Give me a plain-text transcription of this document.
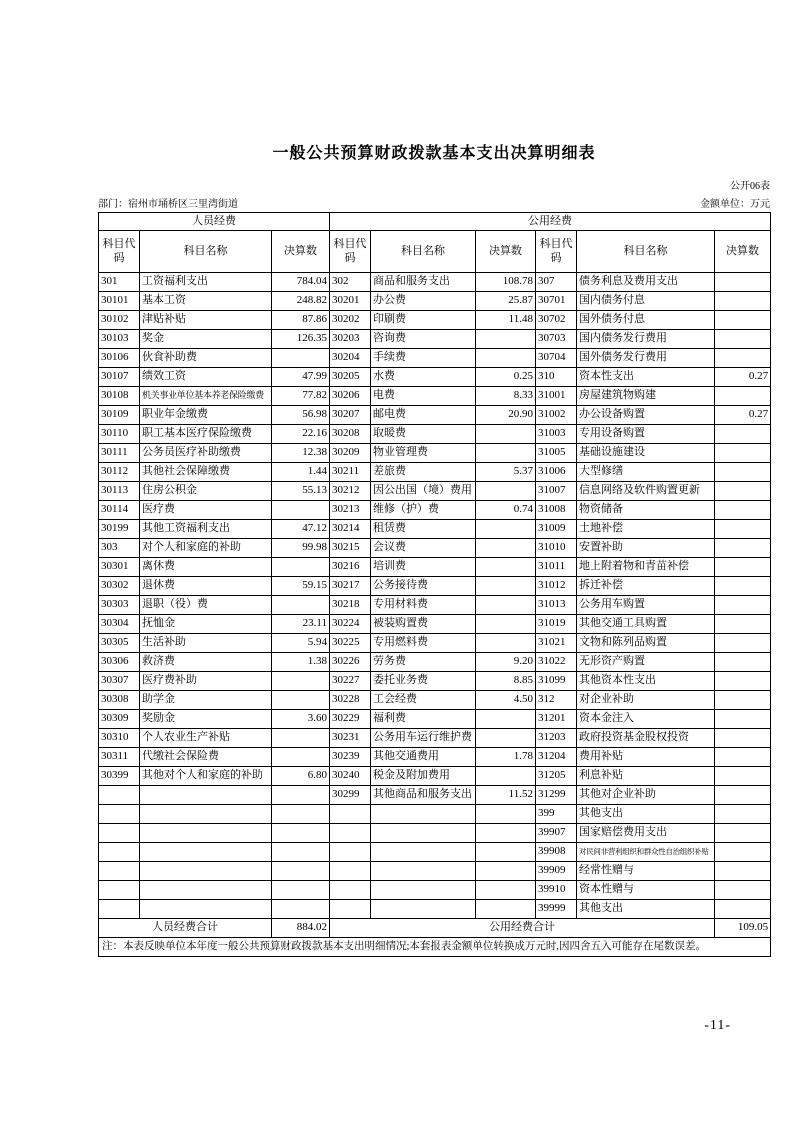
一般公共预算财政拨款基本支出决算明细表
公开06表
部门：宿州市埇桥区三里湾街道	金额单位：万元
人员经费			公用经费					
科目代码	科目名称	决算数	科目代码	科目名称	决算数	科目代码	科目名称	决算数
301	工资福利支出	784.04	302	商品和服务支出	108.78	307	债务利息及费用支出	
30101	基本工资	248.82	30201	办公费	25.87	30701	国内债务付息	
30102	津贴补贴	87.86	30202	印刷费	11.48	30702	国外债务付息	
30103	奖金	126.35	30203	咨询费		30703	国内债务发行费用	
30106	伙食补助费		30204	手续费		30704	国外债务发行费用	
30107	绩效工资	47.99	30205	水费	0.25	310	资本性支出	0.27
30108	机关事业单位基本养老保险缴费	77.82	30206	电费	8.33	31001	房屋建筑物购建	
30109	职业年金缴费	56.98	30207	邮电费	20.90	31002	办公设备购置	0.27
30110	职工基本医疗保险缴费	22.16	30208	取暖费		31003	专用设备购置	
30111	公务员医疗补助缴费	12.38	30209	物业管理费		31005	基础设施建设	
30112	其他社会保障缴费	1.44	30211	差旅费	5.37	31006	大型修缮	
30113	住房公积金	55.13	30212	因公出国（境）费用		31007	信息网络及软件购置更新	
30114	医疗费		30213	维修（护）费	0.74	31008	物资储备	
30199	其他工资福利支出	47.12	30214	租赁费		31009	土地补偿	
303	对个人和家庭的补助	99.98	30215	会议费		31010	安置补助	
30301	离休费		30216	培训费		31011	地上附着物和青苗补偿	
30302	退休费	59.15	30217	公务接待费		31012	拆迁补偿	
30303	退职（役）费		30218	专用材料费		31013	公务用车购置	
30304	抚恤金	23.11	30224	被装购置费		31019	其他交通工具购置	
30305	生活补助	5.94	30225	专用燃料费		31021	文物和陈列品购置	
30306	救济费	1.38	30226	劳务费	9.20	31022	无形资产购置	
30307	医疗费补助		30227	委托业务费	8.85	31099	其他资本性支出	
30308	助学金		30228	工会经费	4.50	312	对企业补助	
30309	奖励金	3.60	30229	福利费		31201	资本金注入	
30310	个人农业生产补贴		30231	公务用车运行维护费		31203	政府投资基金股权投资	
30311	代缴社会保险费		30239	其他交通费用	1.78	31204	费用补贴	
30399	其他对个人和家庭的补助	6.80	30240	税金及附加费用		31205	利息补贴	
			30299	其他商品和服务支出	11.52	31299	其他对企业补助	
						399	其他支出	
						39907	国家赔偿费用支出	
						39908	对民间非营利组织和群众性自治组织补贴	
						39909	经常性赠与	
						39910	资本性赠与	
						39999	其他支出	
人员经费合计		884.02	公用经费合计					109.05
注：本表反映单位本年度一般公共预算财政拨款基本支出明细情况;本套报表金额单位转换成万元时,因四舍五入可能存在尾数误差。								
-11-
